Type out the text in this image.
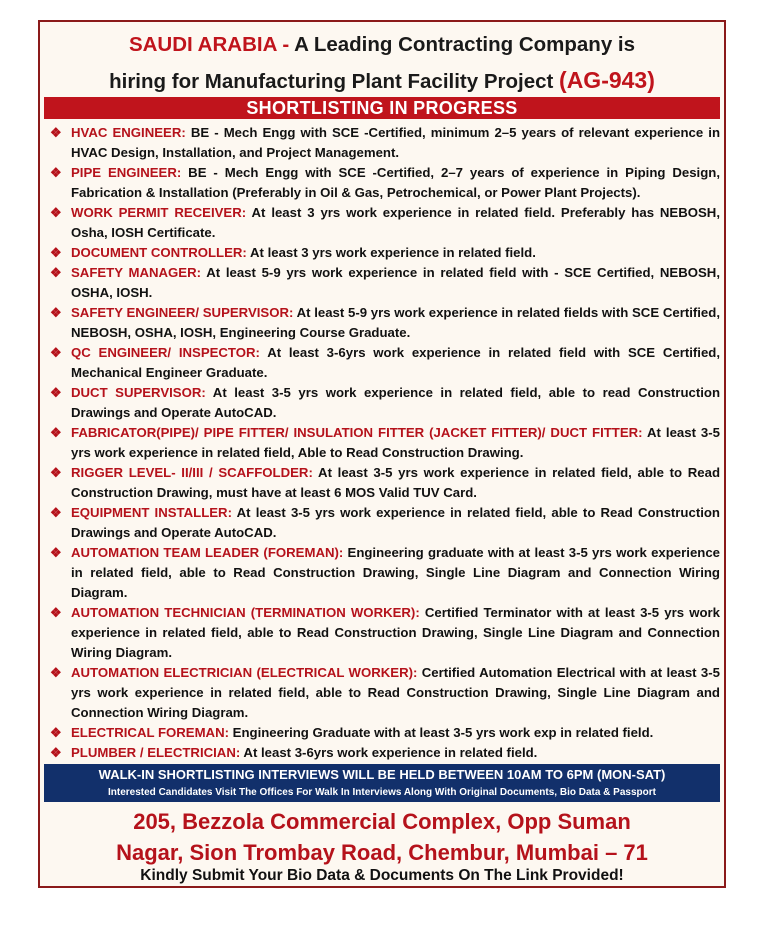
SAUDI ARABIA - A Leading Contracting Company is
hiring for Manufacturing Plant Facility Project (AG-943)
SHORTLISTING IN PROGRESS
❖ HVAC ENGINEER: BE - Mech Engg with SCE -Certified, minimum 2–5 years of relevant experience in HVAC Design, Installation, and Project Management.
❖ PIPE ENGINEER: BE - Mech Engg with SCE -Certified, 2–7 years of experience in Piping Design, Fabrication & Installation (Preferably in Oil & Gas, Petrochemical, or Power Plant Projects).
❖ WORK PERMIT RECEIVER: At least 3 yrs work experience in related field. Preferably has NEBOSH, Osha, IOSH Certificate.
❖ DOCUMENT CONTROLLER: At least 3 yrs work experience in related field.
❖ SAFETY MANAGER: At least 5-9 yrs work experience in related field with - SCE Certified, NEBOSH, OSHA, IOSH.
❖ SAFETY ENGINEER/ SUPERVISOR: At least 5-9 yrs work experience in related fields with SCE Certified, NEBOSH, OSHA, IOSH, Engineering Course Graduate.
❖ QC ENGINEER/ INSPECTOR: At least 3-6yrs work experience in related field with SCE Certified, Mechanical Engineer Graduate.
❖ DUCT SUPERVISOR: At least 3-5 yrs work experience in related field, able to read Construction Drawings and Operate AutoCAD.
❖ FABRICATOR(PIPE)/ PIPE FITTER/ INSULATION FITTER (JACKET FITTER)/ DUCT FITTER: At least 3-5 yrs work experience in related field, Able to Read Construction Drawing.
❖ RIGGER LEVEL- II/III / SCAFFOLDER: At least 3-5 yrs work experience in related field, able to Read Construction Drawing, must have at least 6 MOS Valid TUV Card.
❖ EQUIPMENT INSTALLER: At least 3-5 yrs work experience in related field, able to Read Construction Drawings and Operate AutoCAD.
❖ AUTOMATION TEAM LEADER (FOREMAN): Engineering graduate with at least 3-5 yrs work experience in related field, able to Read Construction Drawing, Single Line Diagram and Connection Wiring Diagram.
❖ AUTOMATION TECHNICIAN (TERMINATION WORKER): Certified Terminator with at least 3-5 yrs work experience in related field, able to Read Construction Drawing, Single Line Diagram and Connection Wiring Diagram.
❖ AUTOMATION ELECTRICIAN (ELECTRICAL WORKER): Certified Automation Electrical with at least 3-5 yrs work experience in related field, able to Read Construction Drawing, Single Line Diagram and Connection Wiring Diagram.
❖ ELECTRICAL FOREMAN: Engineering Graduate with at least 3-5 yrs work exp in related field.
❖ PLUMBER / ELECTRICIAN: At least 3-6yrs work experience in related field.
WALK-IN SHORTLISTING INTERVIEWS WILL BE HELD BETWEEN 10AM TO 6PM (MON-SAT)
Interested Candidates Visit The Offices For Walk In Interviews Along With Original Documents, Bio Data & Passport
205, Bezzola Commercial Complex, Opp Suman
Nagar, Sion Trombay Road, Chembur, Mumbai – 71
Kindly Submit Your Bio Data & Documents On The Link Provided!
